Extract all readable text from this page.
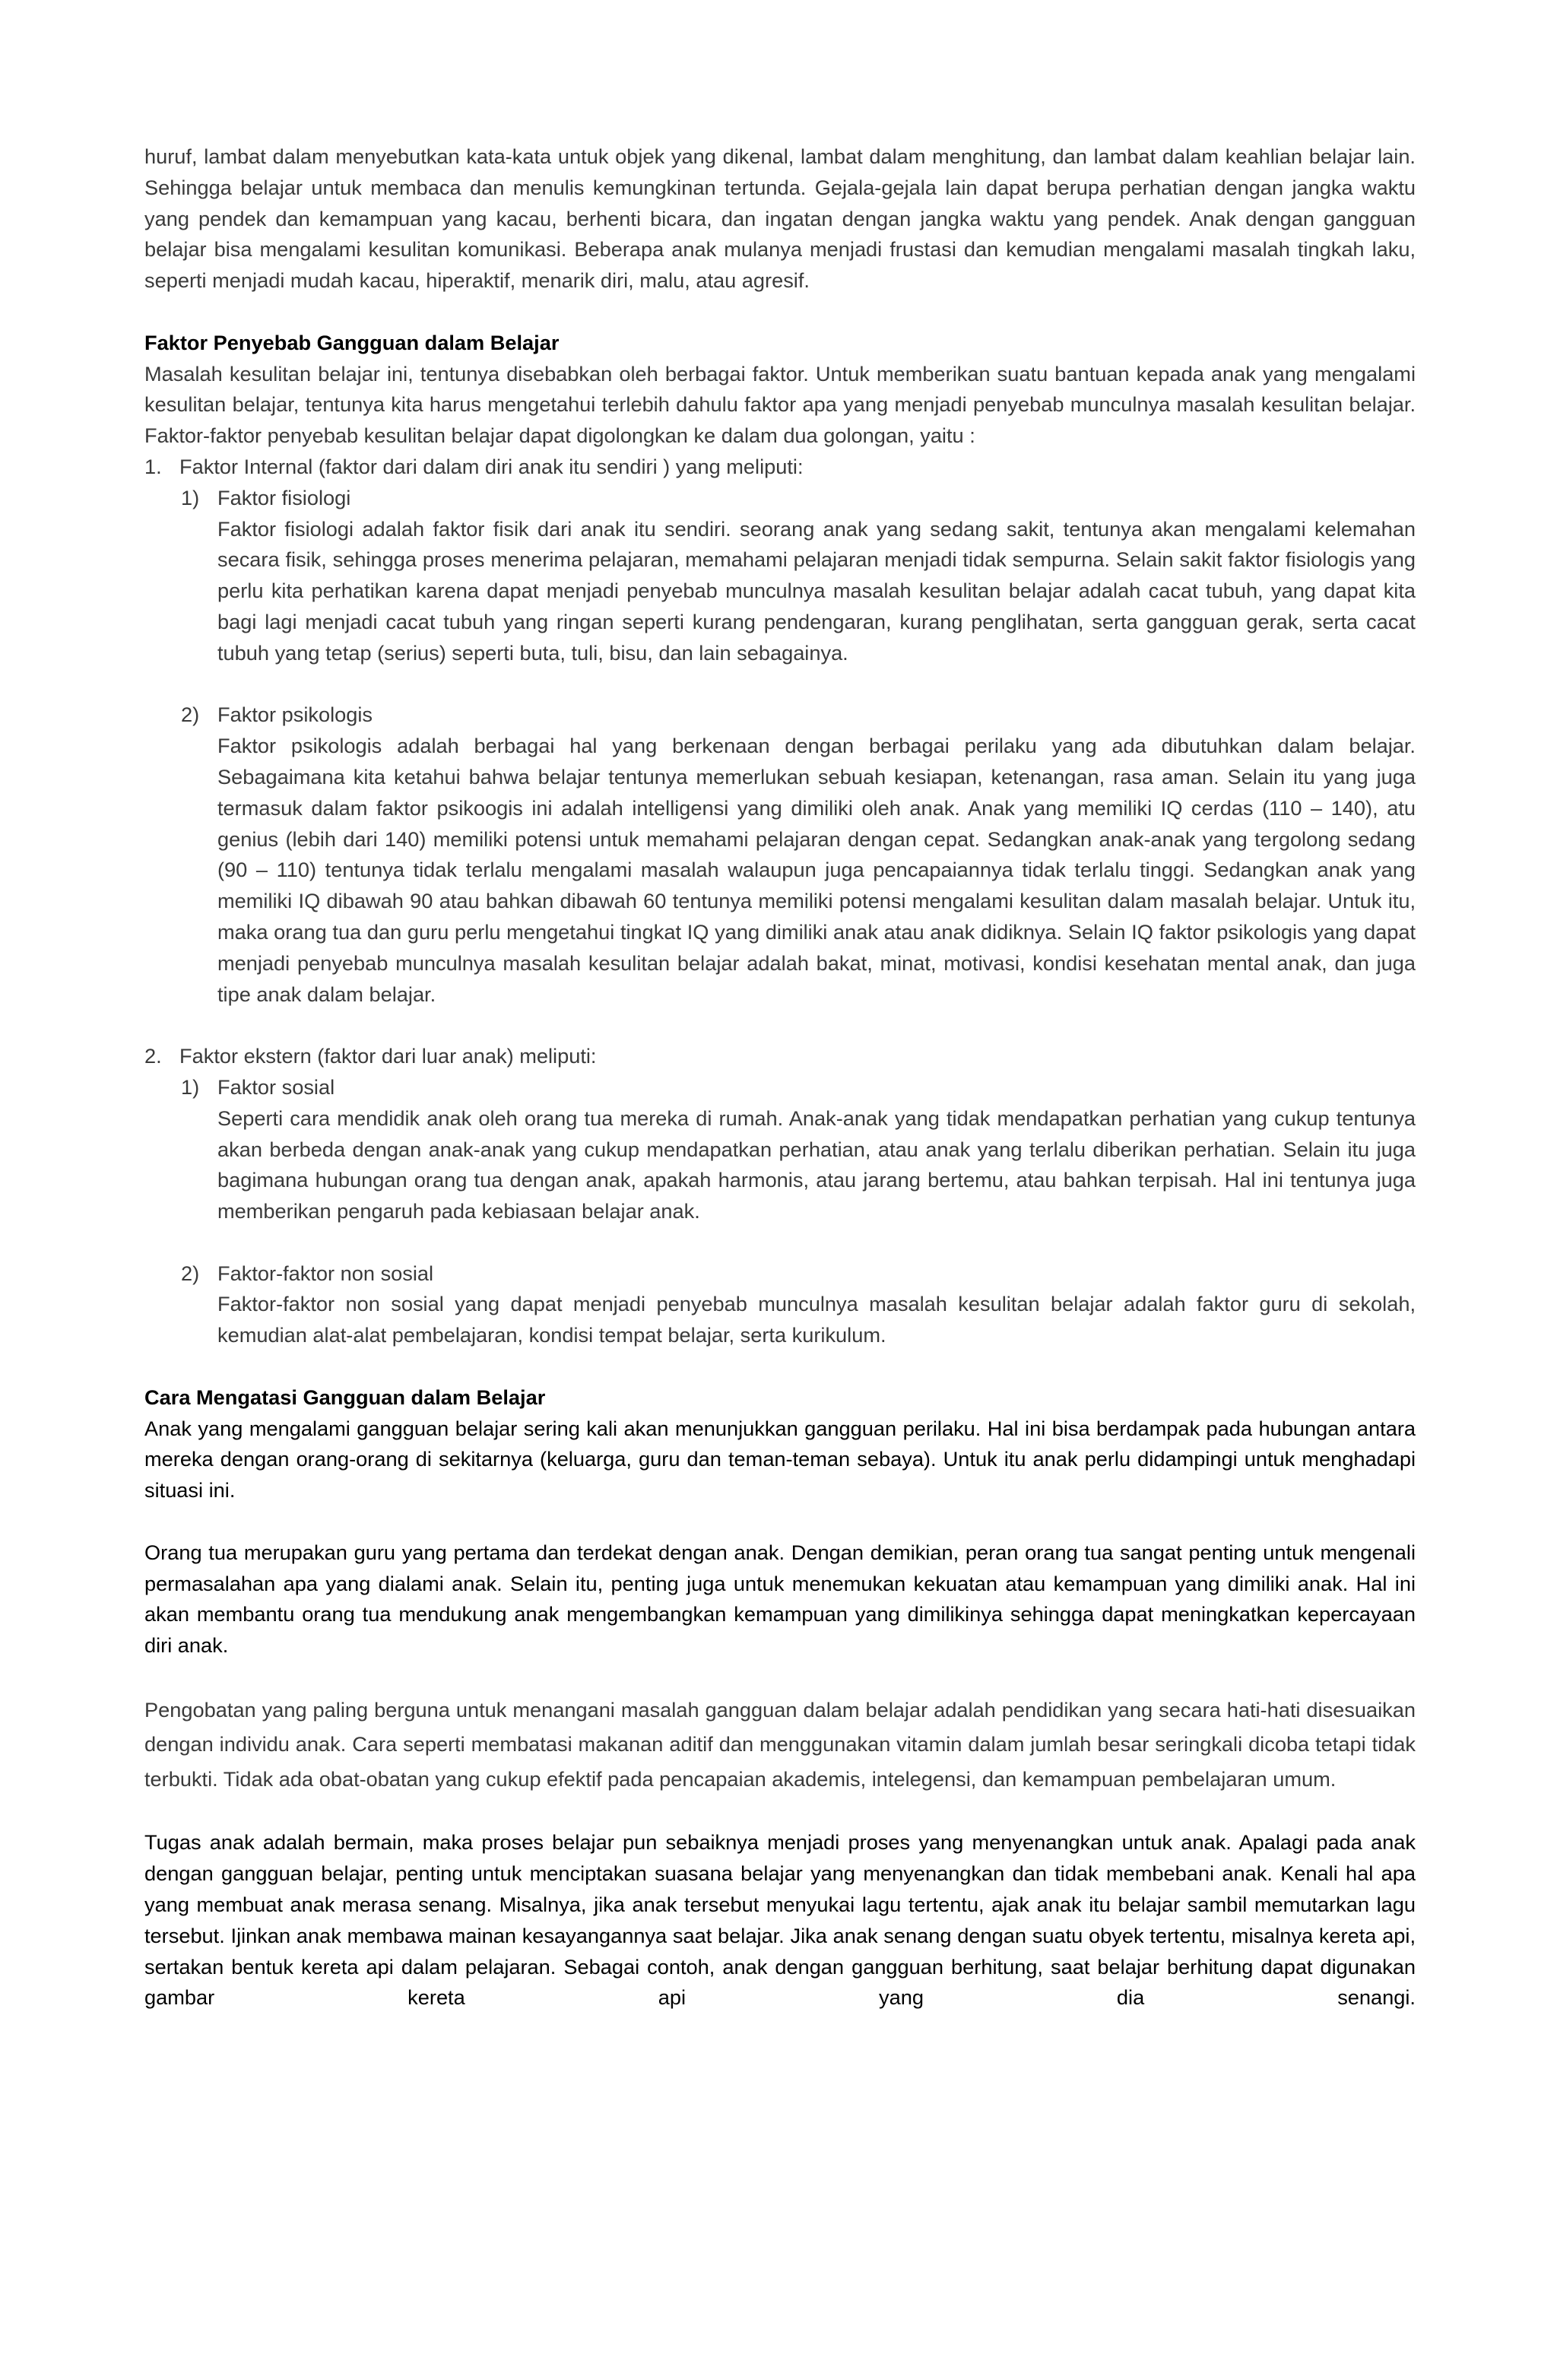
huruf, lambat dalam menyebutkan kata-kata untuk objek yang dikenal, lambat dalam menghitung, dan lambat dalam keahlian belajar lain. Sehingga belajar untuk membaca dan menulis kemungkinan tertunda. Gejala-gejala lain dapat berupa perhatian dengan jangka waktu yang pendek dan kemampuan yang kacau, berhenti bicara, dan ingatan dengan jangka waktu yang pendek. Anak dengan gangguan belajar bisa mengalami kesulitan komunikasi. Beberapa anak mulanya menjadi frustasi dan kemudian mengalami masalah tingkah laku, seperti menjadi mudah kacau, hiperaktif, menarik diri, malu, atau agresif.

Faktor Penyebab Gangguan dalam Belajar

Masalah kesulitan belajar ini, tentunya disebabkan oleh berbagai faktor. Untuk memberikan suatu bantuan kepada anak yang mengalami kesulitan belajar, tentunya kita harus mengetahui terlebih dahulu faktor apa yang menjadi penyebab munculnya masalah kesulitan belajar. Faktor-faktor penyebab kesulitan belajar dapat digolongkan ke dalam dua golongan, yaitu :

1. Faktor Internal (faktor dari dalam diri anak itu sendiri ) yang meliputi:
1) Faktor fisiologi

Faktor fisiologi adalah faktor fisik dari anak itu sendiri. seorang anak yang sedang sakit, tentunya akan mengalami kelemahan secara fisik, sehingga proses menerima pelajaran, memahami pelajaran menjadi tidak sempurna. Selain sakit faktor fisiologis yang perlu kita perhatikan karena dapat menjadi penyebab munculnya masalah kesulitan belajar adalah cacat tubuh, yang dapat kita bagi lagi menjadi cacat tubuh yang ringan seperti kurang pendengaran, kurang penglihatan, serta gangguan gerak, serta cacat tubuh yang tetap (serius) seperti buta, tuli, bisu, dan lain sebagainya.

2) Faktor psikologis

Faktor psikologis adalah berbagai hal yang berkenaan dengan berbagai perilaku yang ada dibutuhkan dalam belajar. Sebagaimana kita ketahui bahwa belajar tentunya memerlukan sebuah kesiapan, ketenangan, rasa aman. Selain itu yang juga termasuk dalam faktor psikoogis ini adalah intelligensi yang dimiliki oleh anak. Anak yang memiliki IQ cerdas (110 – 140), atu genius (lebih dari 140) memiliki potensi untuk memahami pelajaran dengan cepat. Sedangkan anak-anak yang tergolong sedang (90 – 110) tentunya tidak terlalu mengalami masalah walaupun juga pencapaiannya tidak terlalu tinggi. Sedangkan anak yang memiliki IQ dibawah 90 atau bahkan dibawah 60 tentunya memiliki potensi mengalami kesulitan dalam masalah belajar. Untuk itu, maka orang tua dan guru perlu mengetahui tingkat IQ yang dimiliki anak atau anak didiknya. Selain IQ faktor psikologis yang dapat menjadi penyebab munculnya masalah kesulitan belajar adalah bakat, minat, motivasi, kondisi kesehatan mental anak, dan juga tipe anak dalam belajar.

2. Faktor ekstern (faktor dari luar anak) meliputi:
1) Faktor sosial

Seperti cara mendidik anak oleh orang tua mereka di rumah. Anak-anak yang tidak mendapatkan perhatian yang cukup tentunya akan berbeda dengan anak-anak yang cukup mendapatkan perhatian, atau anak yang terlalu diberikan perhatian. Selain itu juga bagimana hubungan orang tua dengan anak, apakah harmonis, atau jarang bertemu, atau bahkan terpisah. Hal ini tentunya juga memberikan pengaruh pada kebiasaan belajar anak.

2) Faktor-faktor non sosial

Faktor-faktor non sosial yang dapat menjadi penyebab munculnya masalah kesulitan belajar adalah faktor guru di sekolah, kemudian alat-alat pembelajaran, kondisi tempat belajar, serta kurikulum.

Cara Mengatasi Gangguan dalam Belajar

Anak yang mengalami gangguan belajar sering kali akan menunjukkan gangguan perilaku. Hal ini bisa berdampak pada hubungan antara mereka dengan orang-orang di sekitarnya (keluarga, guru dan teman-teman sebaya). Untuk itu anak perlu didampingi untuk menghadapi situasi ini.

Orang tua merupakan guru yang pertama dan terdekat dengan anak. Dengan demikian, peran orang tua sangat penting untuk mengenali permasalahan apa yang dialami anak. Selain itu, penting juga untuk menemukan kekuatan atau kemampuan yang dimiliki anak. Hal ini akan membantu orang tua mendukung anak mengembangkan kemampuan yang dimilikinya sehingga dapat meningkatkan kepercayaan diri anak.

Pengobatan yang paling berguna untuk menangani masalah gangguan dalam belajar adalah pendidikan yang secara hati-hati disesuaikan dengan individu anak. Cara seperti membatasi makanan aditif dan menggunakan vitamin dalam jumlah besar seringkali dicoba tetapi tidak terbukti. Tidak ada obat-obatan yang cukup efektif pada pencapaian akademis, intelegensi, dan kemampuan pembelajaran umum.

Tugas anak adalah bermain, maka proses belajar pun sebaiknya menjadi proses yang menyenangkan untuk anak. Apalagi pada anak dengan gangguan belajar, penting untuk menciptakan suasana belajar yang menyenangkan dan tidak membebani anak. Kenali hal apa yang membuat anak merasa senang. Misalnya, jika anak tersebut menyukai lagu tertentu, ajak anak itu belajar sambil memutarkan lagu tersebut. Ijinkan anak membawa mainan kesayangannya saat belajar. Jika anak senang dengan suatu obyek tertentu, misalnya kereta api, sertakan bentuk kereta api dalam pelajaran. Sebagai contoh, anak dengan gangguan berhitung, saat belajar berhitung dapat digunakan gambar kereta api yang dia senangi.
